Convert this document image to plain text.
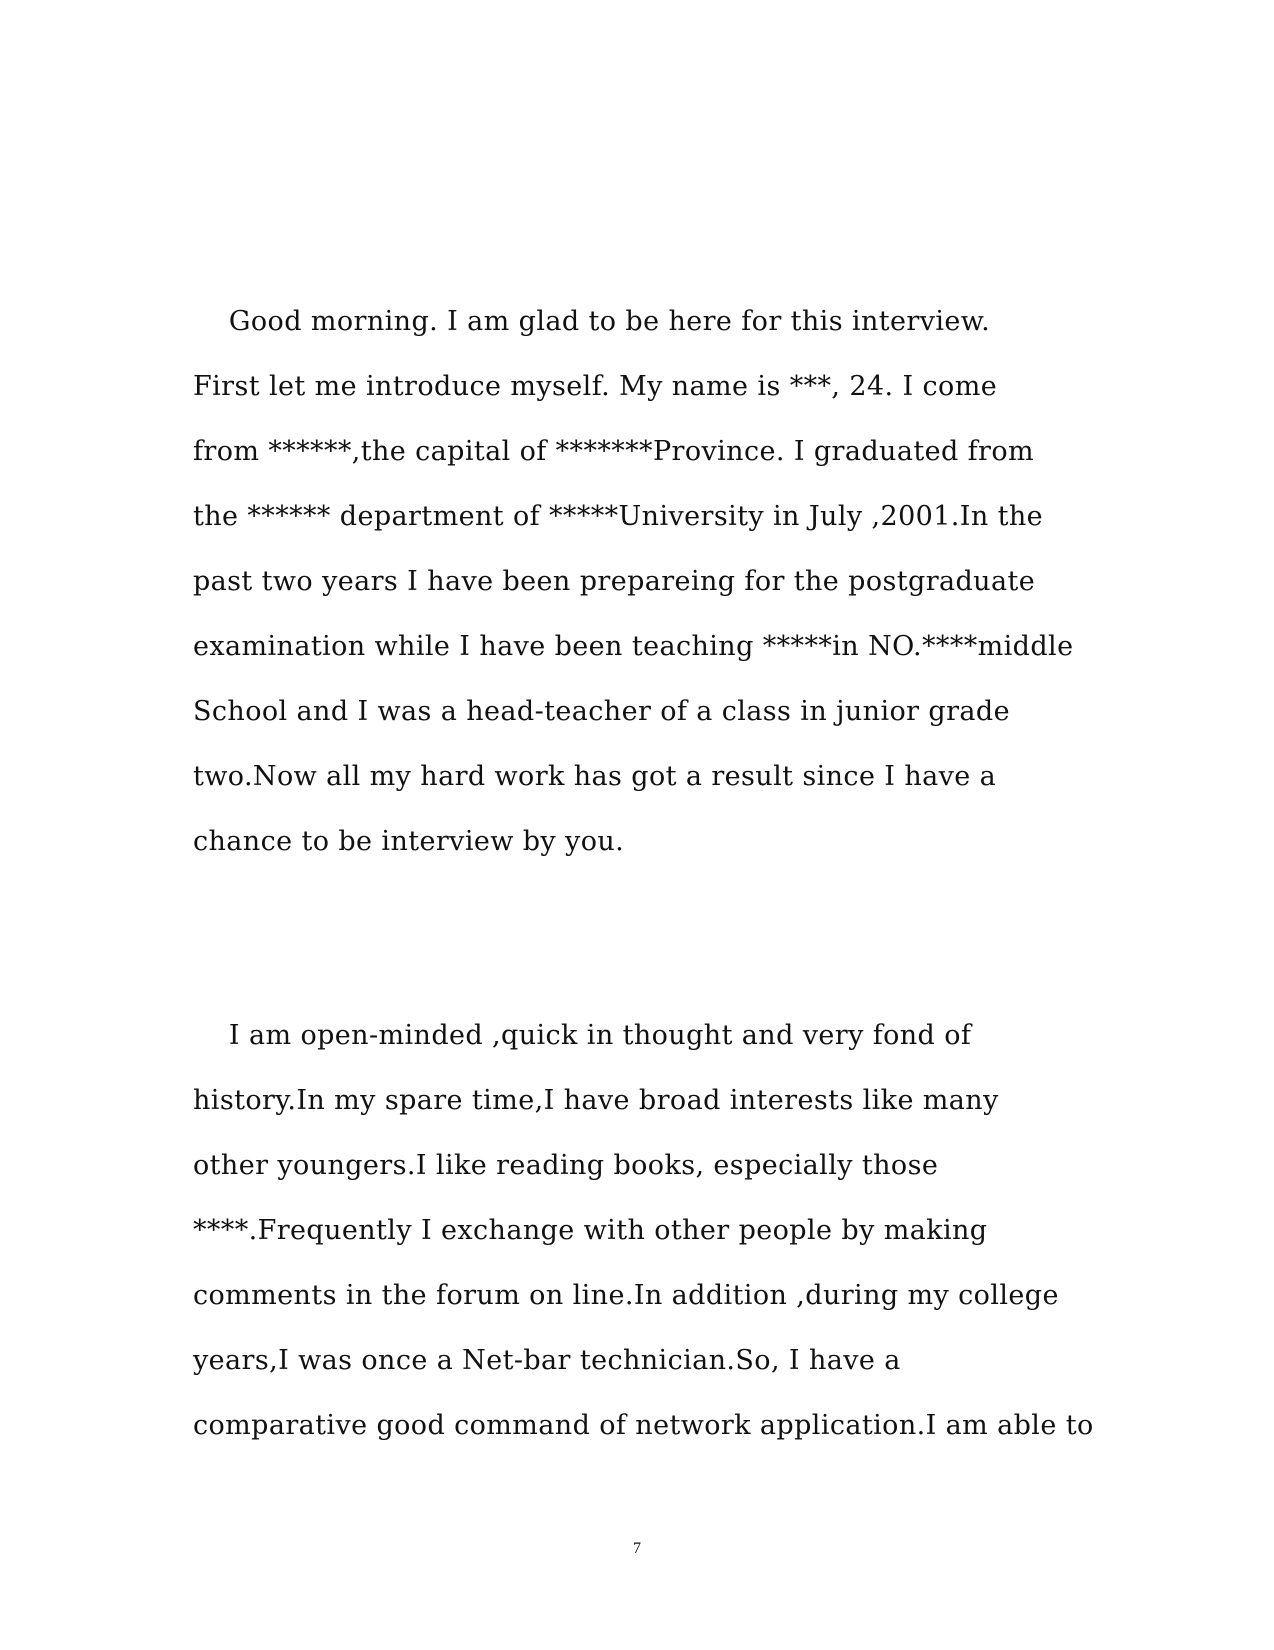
Good morning. I am glad to be here for this interview.
First let me introduce myself. My name is ***, 24. I come
from ******,the capital of *******Province. I graduated from
the ****** department of *****University in July ,2001.In the
past two years I have been prepareing for the postgraduate
examination while I have been teaching *****in NO.****middle
School and I was a head-teacher of a class in junior grade
two.Now all my hard work has got a result since I have a
chance to be interview by you.
I am open-minded ,quick in thought and very fond of
history.In my spare time,I have broad interests like many
other youngers.I like reading books, especially those
****.Frequently I exchange with other people by making
comments in the forum on line.In addition ,during my college
years,I was once a Net-bar technician.So, I have a
comparative good command of network application.I am able to
7
